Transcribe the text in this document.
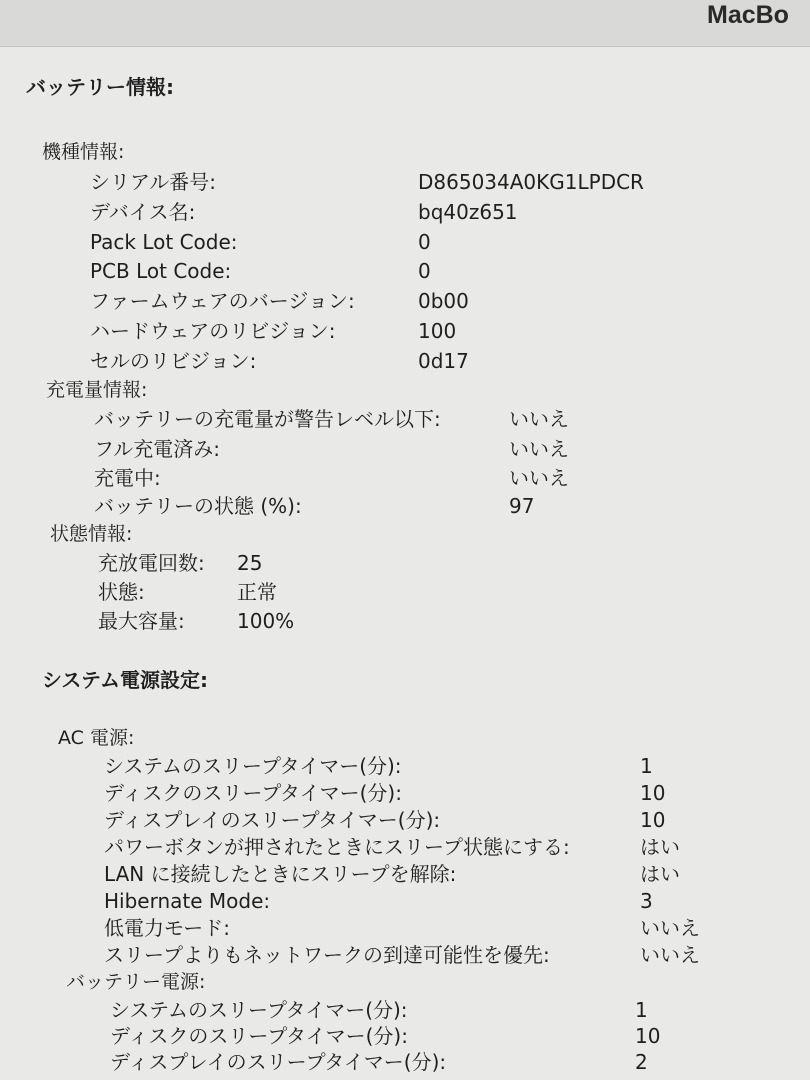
MacBo
バッテリー情報:
機種情報:
シリアル番号:	D865034A0KG1LPDCR
デバイス名:	bq40z651
Pack Lot Code:	0
PCB Lot Code:	0
ファームウェアのバージョン:	0b00
ハードウェアのリビジョン:	100
セルのリビジョン:	0d17
充電量情報:
バッテリーの充電量が警告レベル以下:	いいえ
フル充電済み:	いいえ
充電中:	いいえ
バッテリーの状態 (%):	97
状態情報:
充放電回数: 25
状態:	正常
最大容量:	100%
システム電源設定:
AC 電源:
システムのスリープタイマー(分):	1
ディスクのスリープタイマー(分):	10
ディスプレイのスリープタイマー(分):	10
パワーボタンが押されたときにスリープ状態にする:	はい
LAN に接続したときにスリープを解除:	はい
Hibernate Mode:	3
低電力モード:	いいえ
スリープよりもネットワークの到達可能性を優先:	いいえ
バッテリー電源:
システムのスリープタイマー(分):	1
ディスクのスリープタイマー(分):	10
ディスプレイのスリープタイマー(分):	2
